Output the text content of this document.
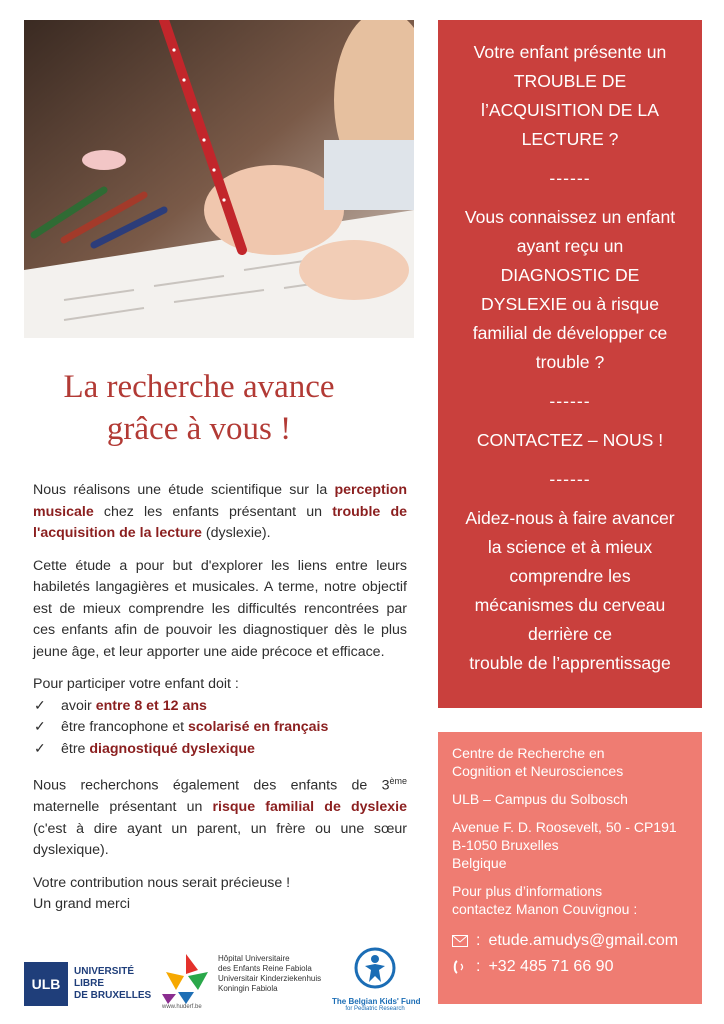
La recherche avance
grâce à vous !

Nous réalisons une étude scientifique sur la perception musicale chez les enfants présentant un trouble de l'acquisition de la lecture (dyslexie).

Cette étude a pour but d'explorer les liens entre leurs habiletés langagières et musicales. A terme, notre objectif est de mieux comprendre les difficultés rencontrées par ces enfants afin de pouvoir les diagnostiquer dès le plus jeune âge, et leur apporter une aide précoce et efficace.

Pour participer votre enfant doit :
✓ avoir entre 8 et 12 ans
✓ être francophone et scolarisé en français
✓ être diagnostiqué dyslexique

Nous recherchons également des enfants de 3ème maternelle présentant un risque familial de dyslexie (c'est à dire ayant un parent, un frère ou une sœur dyslexique).

Votre contribution nous serait précieuse !
Un grand merci

Votre enfant présente un
TROUBLE DE
l’ACQUISITION DE LA
LECTURE ?

------

Vous connaissez un enfant
ayant reçu un
DIAGNOSTIC DE
DYSLEXIE ou à risque
familial de développer ce
trouble ?

------

CONTACTEZ – NOUS !

------

Aidez-nous à faire avancer
la science et à mieux
comprendre les
mécanismes du cerveau
derrière ce
trouble de l’apprentissage

Centre de Recherche en
Cognition et Neurosciences

ULB – Campus du Solbosch

Avenue F. D. Roosevelt, 50 - CP191
B-1050 Bruxelles
Belgique

Pour plus d’informations
contactez Manon Couvignou :

: etude.amudys@gmail.com
: +32 485 71 66 90
ULB
UNIVERSITÉ
LIBRE
DE BRUXELLES
Hôpital Universitaire
des Enfants Reine Fabiola
Universitair Kinderziekenhuis
Koningin Fabiola
www.huderf.be
The Belgian Kids' Fund
for Pediatric Research
